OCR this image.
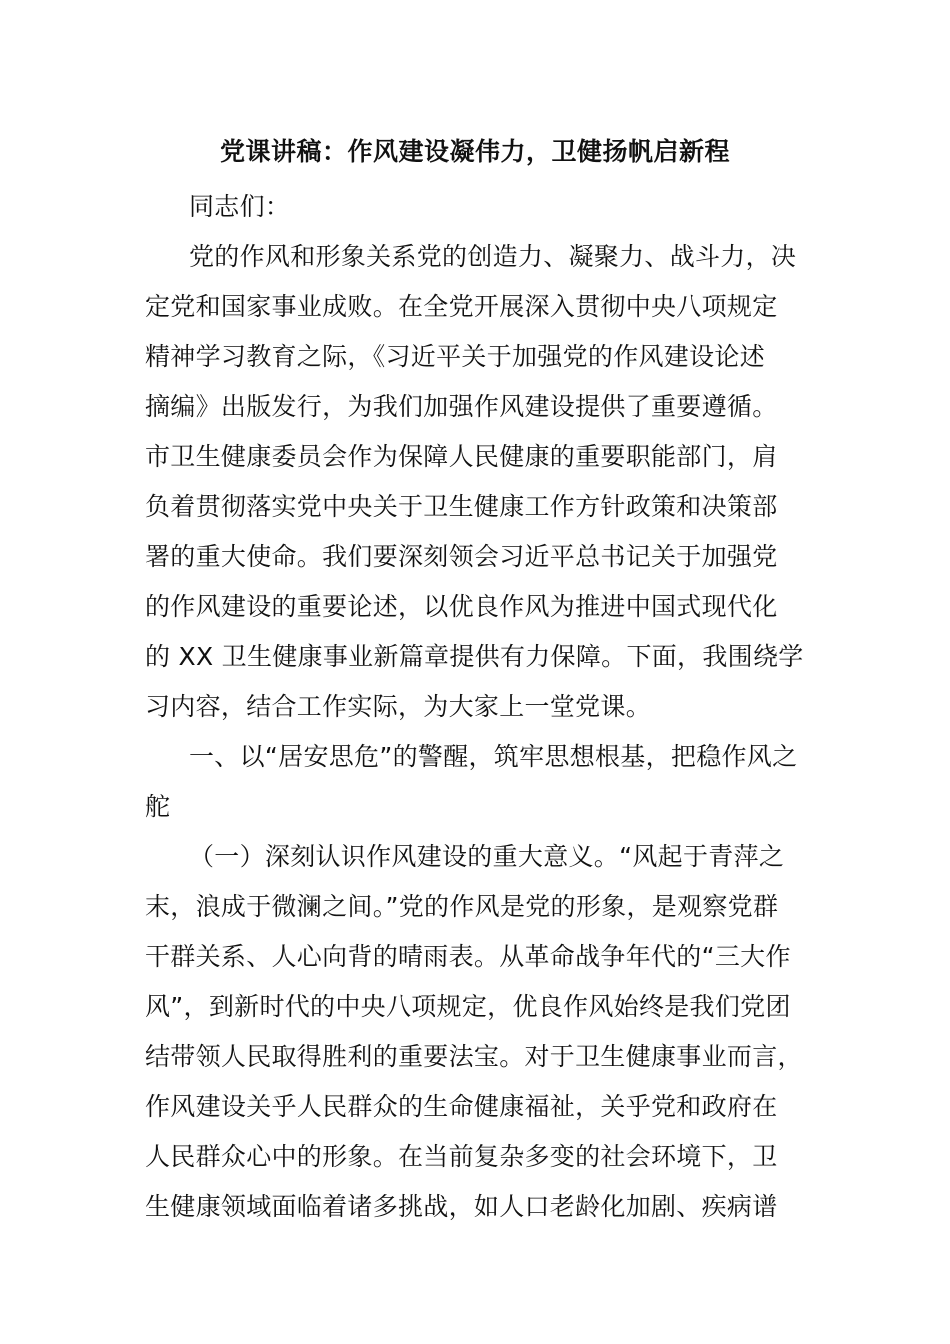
党课讲稿：作风建设凝伟力，卫健扬帆启新程
同志们：
党的作风和形象关系党的创造力、凝聚力、战斗力，决
定党和国家事业成败。在全党开展深入贯彻中央八项规定
精神学习教育之际，《习近平关于加强党的作风建设论述
摘编》出版发行，为我们加强作风建设提供了重要遵循。
市卫生健康委员会作为保障人民健康的重要职能部门，肩
负着贯彻落实党中央关于卫生健康工作方针政策和决策部
署的重大使命。我们要深刻领会习近平总书记关于加强党
的作风建设的重要论述，以优良作风为推进中国式现代化
的 XX 卫生健康事业新篇章提供有力保障。下面，我围绕学
习内容，结合工作实际，为大家上一堂党课。
一、以“居安思危”的警醒，筑牢思想根基，把稳作风之
舵
（一）深刻认识作风建设的重大意义。“风起于青萍之
末，浪成于微澜之间。”党的作风是党的形象，是观察党群
干群关系、人心向背的晴雨表。从革命战争年代的“三大作
风”，到新时代的中央八项规定，优良作风始终是我们党团
结带领人民取得胜利的重要法宝。对于卫生健康事业而言，
作风建设关乎人民群众的生命健康福祉，关乎党和政府在
人民群众心中的形象。在当前复杂多变的社会环境下，卫
生健康领域面临着诸多挑战，如人口老龄化加剧、疾病谱
